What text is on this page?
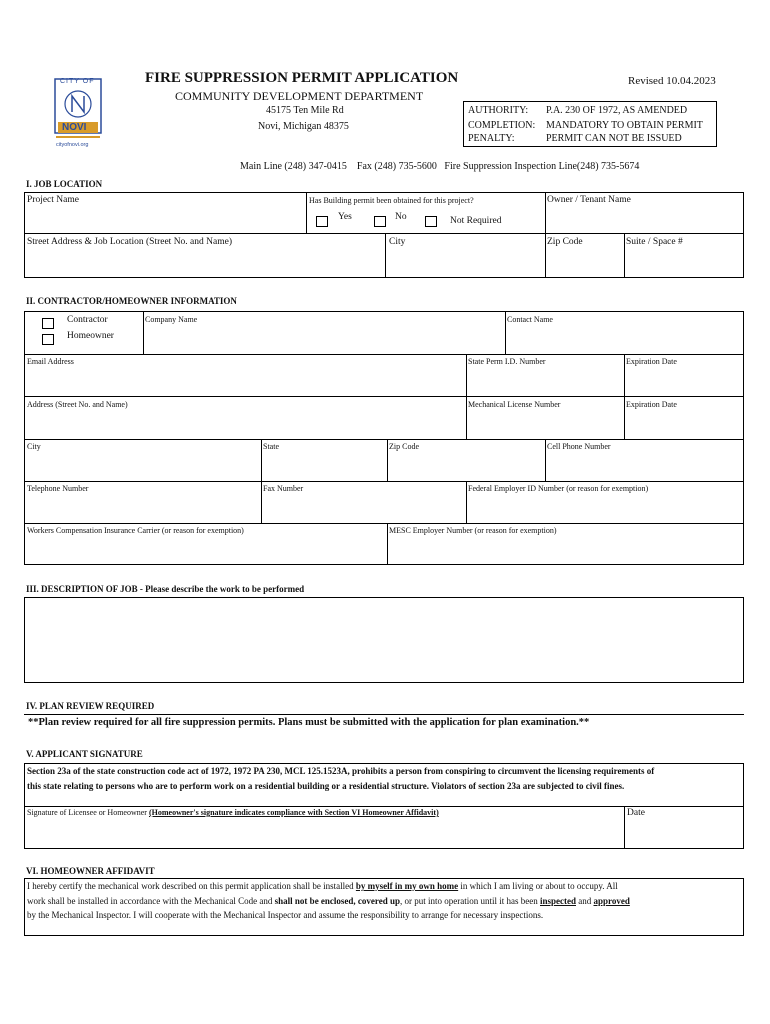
CITY OF
NOVI
cityofnovi.org
FIRE SUPPRESSION PERMIT APPLICATION	Revised 10.04.2023
COMMUNITY DEVELOPMENT DEPARTMENT
45175 Ten Mile Rd
Novi, Michigan 48375
AUTHORITY: P.A. 230 OF 1972, AS AMENDED
COMPLETION: MANDATORY TO OBTAIN PERMIT
PENALTY:	PERMIT CAN NOT BE ISSUED
Main Line (248) 347-0415    Fax (248) 735-5600   Fire Suppression Inspection Line(248) 735-5674
I. JOB LOCATION
Project Name	Has Building permit been obtained for this project?
Yes	No	Not Required
Owner / Tenant Name
Street Address & Job Location (Street No. and Name)	City	Zip Code	Suite / Space #
II. CONTRACTOR/HOMEOWNER INFORMATION
Contractor
Homeowner
Company Name	Contact Name
Email Address	State Perm I.D. Number	Expiration Date
Address (Street No. and Name)	Mechanical License Number	Expiration Date
City	State	Zip Code	Cell Phone Number
Telephone Number	Fax Number	Federal Employer ID Number (or reason for exemption)
Workers Compensation Insurance Carrier (or reason for exemption)	MESC Employer Number (or reason for exemption)
III. DESCRIPTION OF JOB - Please describe the work to be performed
IV. PLAN REVIEW REQUIRED
**Plan review required for all fire suppression permits. Plans must be submitted with the application for plan examination.**
V. APPLICANT SIGNATURE
Section 23a of the state construction code act of 1972, 1972 PA 230, MCL 125.1523A, prohibits a person from conspiring to circumvent the licensing requirements of this state relating to persons who are to perform work on a residential building or a residential structure. Violators of section 23a are subjected to civil fines.
Signature of Licensee or Homeowner (Homeowner's signature indicates compliance with Section VI Homeowner Affidavit)	Date
VI. HOMEOWNER AFFIDAVIT
I hereby certify the mechanical work described on this permit application shall be installed by myself in my own home in which I am living or about to occupy. All work shall be installed in accordance with the Mechanical Code and shall not be enclosed, covered up, or put into operation until it has been inspected and approved by the Mechanical Inspector. I will cooperate with the Mechanical Inspector and assume the responsibility to arrange for necessary inspections.
